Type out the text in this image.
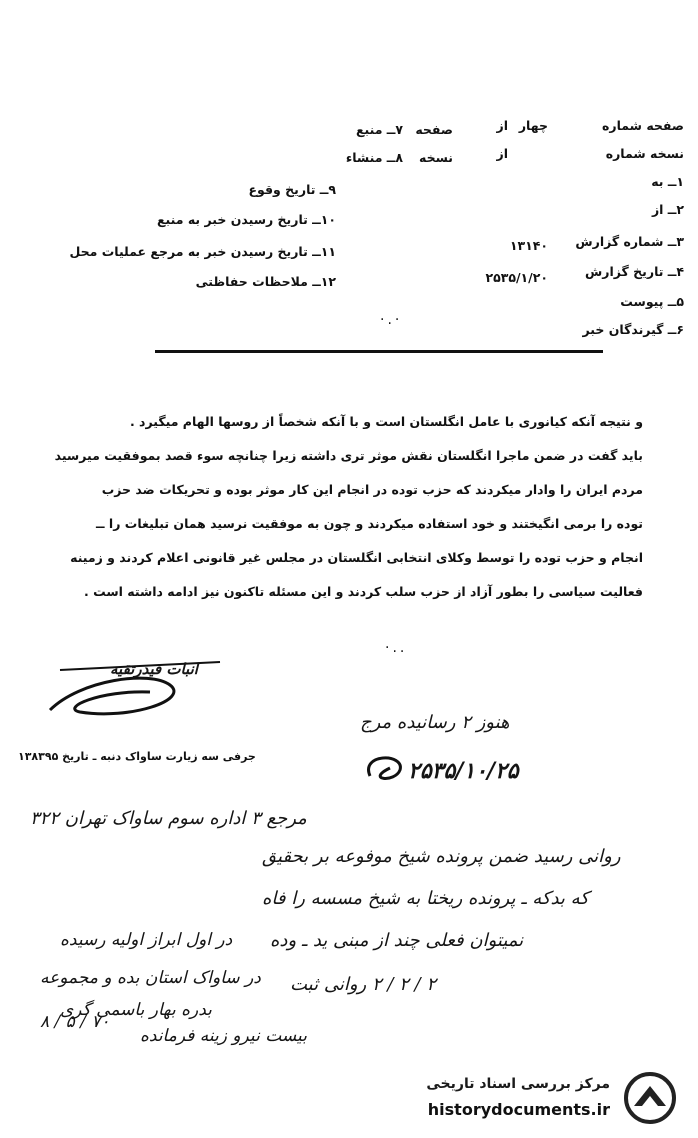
صفحه شماره
چهار
از
نسخه شماره
از
۱ــ به
۲ــ از
۳ــ شماره گزارش
۱۳۱۴۰
۴ــ تاریخ گزارش
۲۵۳۵/۱/۲۰
۵ــ پیوست
۶ــ گیرندگان خبر
۷ــ منبع صفحه
۸ــ منشاء نسخه
۹ــ تاریخ وقوع
۱۰ــ تاریخ رسیدن خبر به منبع
۱۱ــ تاریخ رسیدن خبر به مرجع عملیات محل
۱۲ــ ملاحظات حفاظتی
·.·
و نتیجه آنکه کیانوری با عامل انگلستان است و با آنکه شخصاً از روسها الهام میگیرد .
باید گفت در ضمن ماجرا انگلستان نقش موثر تری داشته زیرا چنانچه سوء قصد بموفقیت میرسید
مردم ایران را وادار میکردند که حزب توده در انجام این کار موثر بوده و تحریکات ضد حزب
توده را برمی انگیختند و خود استفاده میکردند و چون به موفقیت نرسید همان تبلیغات را ــ
انجام و حزب توده را توسط وکلای انتخابی انگلستان در مجلس غیر قانونی اعلام کردند و زمینه
فعالیت سیاسی را بطور آزاد از حزب سلب کردند و این مسئله تاکنون نیز ادامه داشته است .
·..
انبات قیدرتقیه
جرفی سه زیارت ساواک دنبه ـ تاریخ ۱۳۸۳۹۵
هنوز ۲ رسانیده مرج
۲۵۳۵/۱۰/۲۵
مرجع ۳ اداره سوم ساواک تهران ۳۲۲
روانی رسید ضمن پرونده شیخ موفوعه بر بحقیق
که بدکه ـ پرونده ریختا به شیخ مسسه را فاه
نمیتوان فعلی چند از مبنی ید ـ وده
۲ / ۲ / ۲ روانی ثبت
در اول ابراز اولیه رسیده
در ساواک استان بده و مجموعه
بدره بهار باسمی گری
بیست نیرو زینه فرمانده
۸ / ۵ / ۷۰
مرکز بررسی اسناد تاریخی
historydocuments.ir
